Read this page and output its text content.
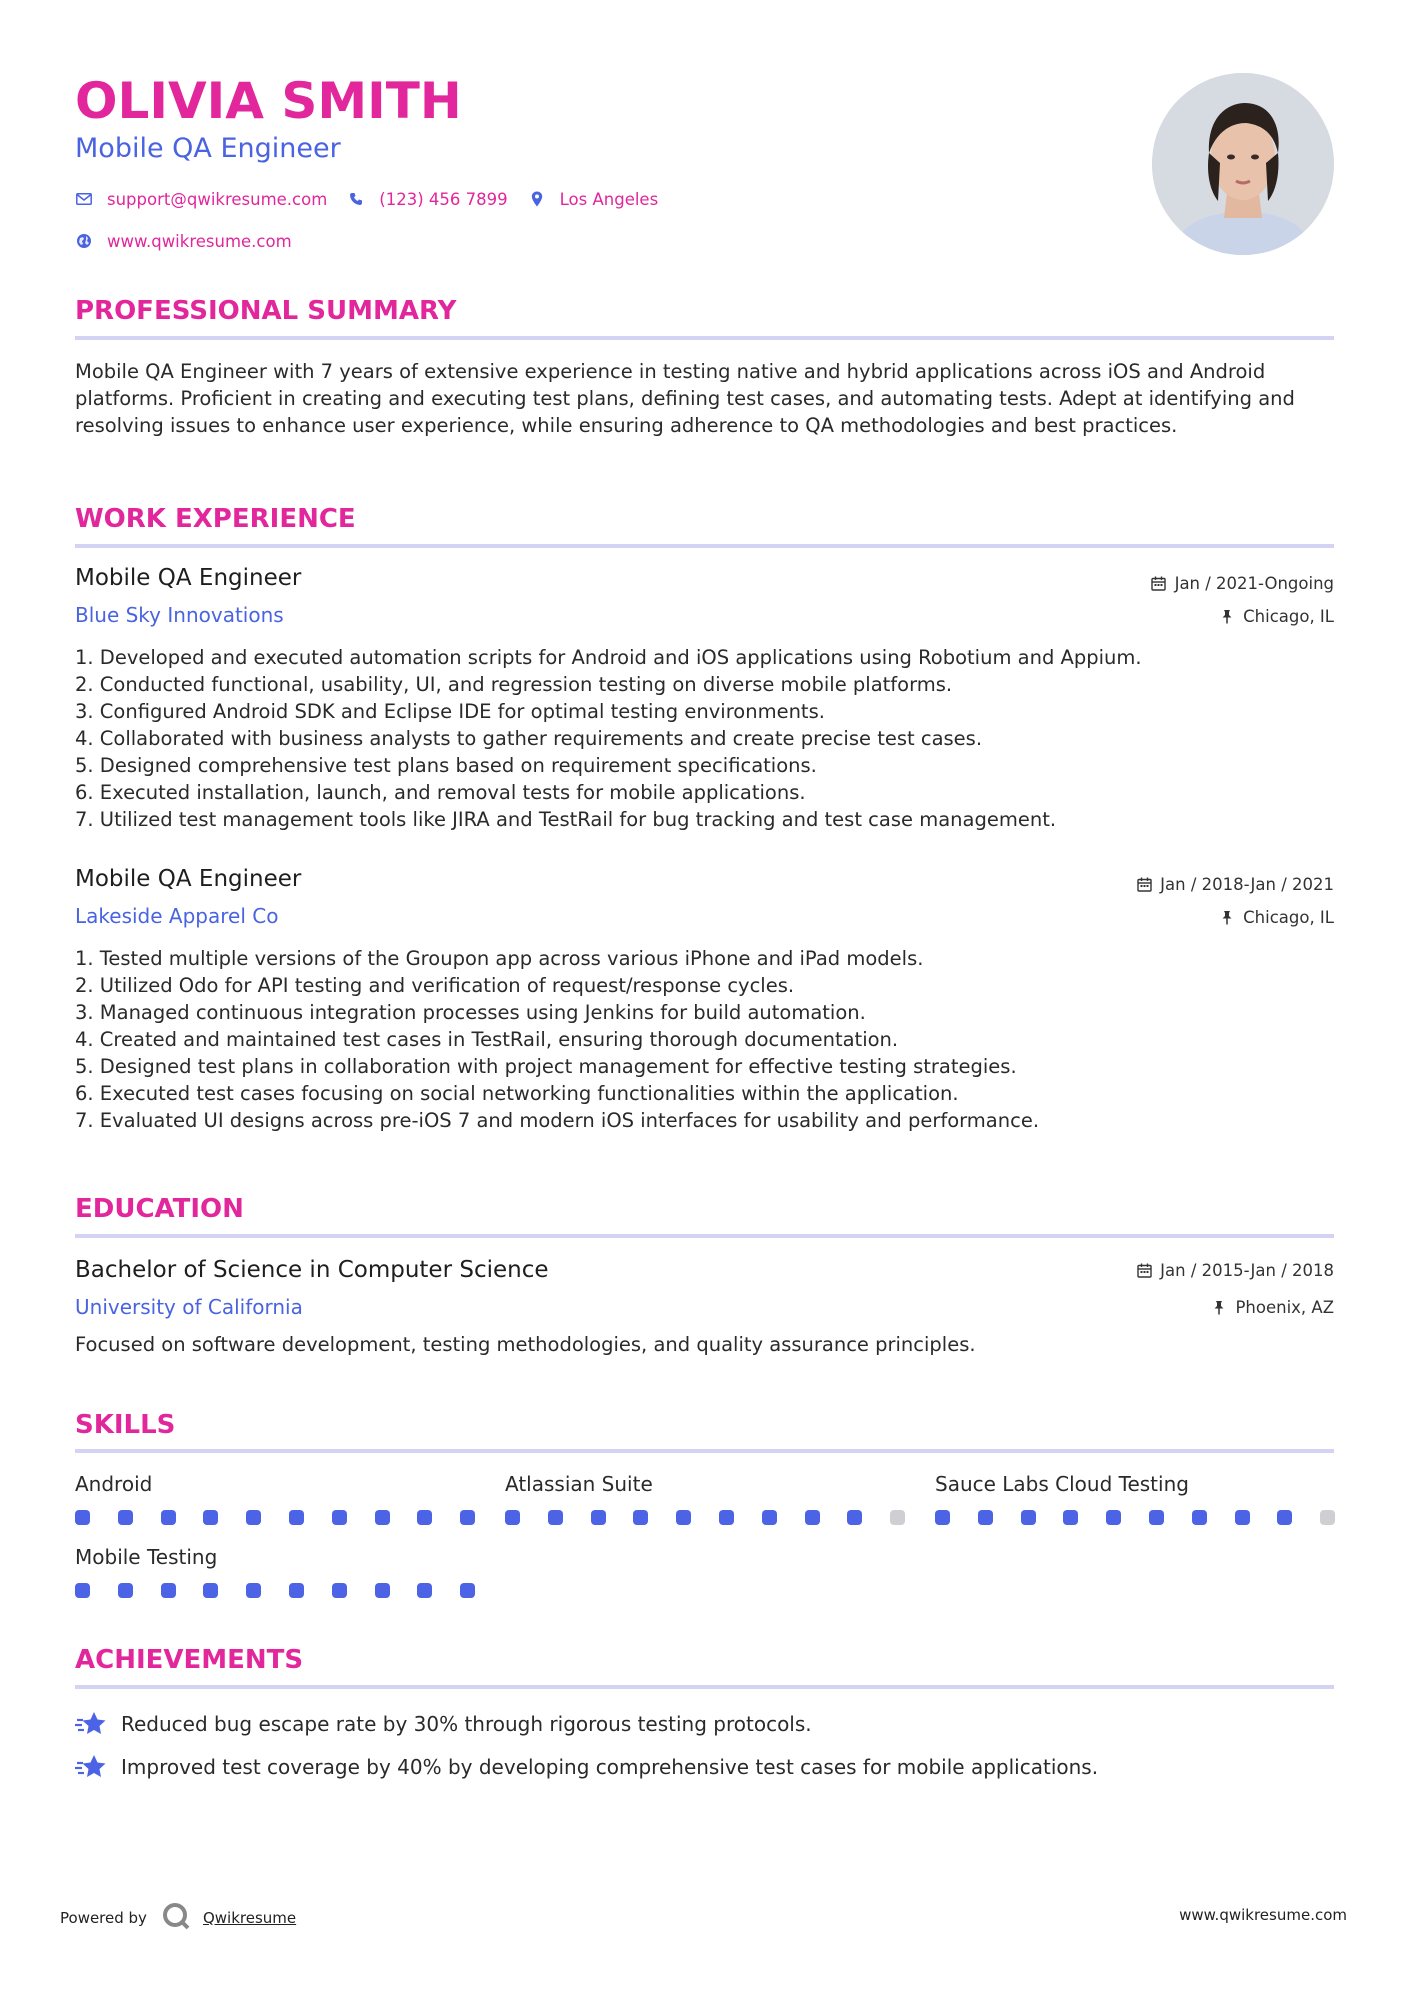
OLIVIA SMITH
Mobile QA Engineer
support@qwikresume.com	(123) 456 7899	Los Angeles
www.qwikresume.com
PROFESSIONAL SUMMARY

Mobile QA Engineer with 7 years of extensive experience in testing native and hybrid applications across iOS and Android platforms. Proficient in creating and executing test plans, defining test cases, and automating tests. Adept at identifying and resolving issues to enhance user experience, while ensuring adherence to QA methodologies and best practices.

WORK EXPERIENCE
Mobile QA Engineer	Jan / 2021-Ongoing
Blue Sky Innovations	Chicago, IL
1. Developed and executed automation scripts for Android and iOS applications using Robotium and Appium.
2. Conducted functional, usability, UI, and regression testing on diverse mobile platforms.
3. Configured Android SDK and Eclipse IDE for optimal testing environments.
4. Collaborated with business analysts to gather requirements and create precise test cases.
5. Designed comprehensive test plans based on requirement specifications.
6. Executed installation, launch, and removal tests for mobile applications.
7. Utilized test management tools like JIRA and TestRail for bug tracking and test case management.
Mobile QA Engineer	Jan / 2018-Jan / 2021
Lakeside Apparel Co	Chicago, IL
1. Tested multiple versions of the Groupon app across various iPhone and iPad models.
2. Utilized Odo for API testing and verification of request/response cycles.
3. Managed continuous integration processes using Jenkins for build automation.
4. Created and maintained test cases in TestRail, ensuring thorough documentation.
5. Designed test plans in collaboration with project management for effective testing strategies.
6. Executed test cases focusing on social networking functionalities within the application.
7. Evaluated UI designs across pre-iOS 7 and modern iOS interfaces for usability and performance.
EDUCATION
Bachelor of Science in Computer Science	Jan / 2015-Jan / 2018
University of California	Phoenix, AZ

Focused on software development, testing methodologies, and quality assurance principles.

SKILLS
Android	Atlassian Suite	Sauce Labs Cloud Testing
Mobile Testing
ACHIEVEMENTS
Reduced bug escape rate by 30% through rigorous testing protocols.
Improved test coverage by 40% by developing comprehensive test cases for mobile applications.
Powered by	Qwikresume	www.qwikresume.com
